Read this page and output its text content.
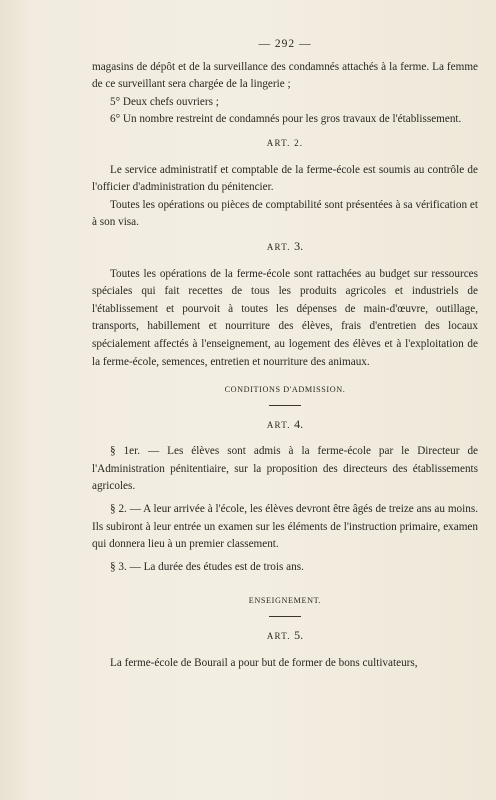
— 292 —

magasins de dépôt et de la surveillance des condamnés attachés à la ferme. La femme de ce surveillant sera chargée de la lingerie ;

5° Deux chefs ouvriers ;

6° Un nombre restreint de condamnés pour les gros travaux de l'établissement.

ART. 2.

Le service administratif et comptable de la ferme-école est soumis au contrôle de l'officier d'administration du pénitencier.

Toutes les opérations ou pièces de comptabilité sont présentées à sa vérification et à son visa.

ART. 3.

Toutes les opérations de la ferme-école sont rattachées au budget sur ressources spéciales qui fait recettes de tous les produits agricoles et industriels de l'établissement et pourvoit à toutes les dépenses de main-d'œuvre, outillage, transports, habillement et nourriture des élèves, frais d'entretien des locaux spécialement affectés à l'enseignement, au logement des élèves et à l'exploitation de la ferme-école, semences, entretien et nourriture des animaux.

CONDITIONS D'ADMISSION.
ART. 4.

§ 1er. — Les élèves sont admis à la ferme-école par le Directeur de l'Administration pénitentiaire, sur la proposition des directeurs des établissements agricoles.

§ 2. — A leur arrivée à l'école, les élèves devront être âgés de treize ans au moins. Ils subiront à leur entrée un examen sur les éléments de l'instruction primaire, examen qui donnera lieu à un premier classement.

§ 3. — La durée des études est de trois ans.

ENSEIGNEMENT.
ART. 5.

La ferme-école de Bourail a pour but de former de bons cultivateurs,
